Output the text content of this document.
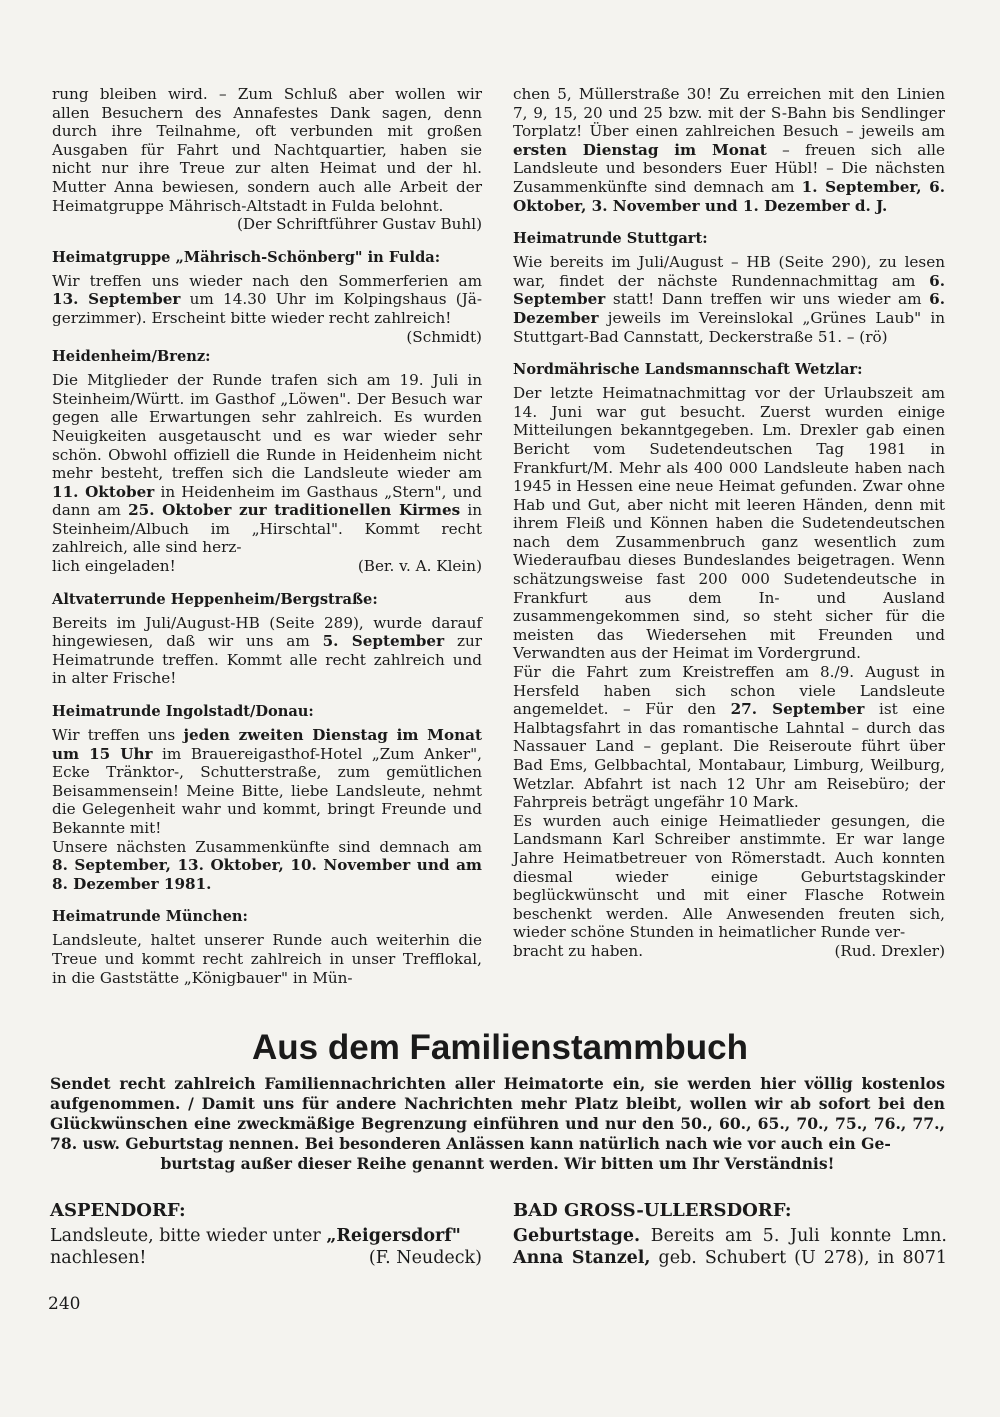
rung bleiben wird. – Zum Schluß aber wollen wir

allen Besuchern des Annafestes Dank sagen, denn

durch ihre Teilnahme, oft verbunden mit großen

Ausgaben für Fahrt und Nachtquartier, haben sie

nicht nur ihre Treue zur alten Heimat und der hl.

Mutter Anna bewiesen, sondern auch alle Arbeit der

Heimatgruppe Mährisch-Altstadt in Fulda belohnt.

(Der Schriftführer Gustav Buhl)

Heimatgruppe „Mährisch-Schönberg" in Fulda:

Wir treffen uns wieder nach den Sommerferien am

13. September um 14.30 Uhr im Kolpingshaus (Jä-

gerzimmer). Erscheint bitte wieder recht zahlreich!

(Schmidt)

Heidenheim/Brenz:

Die Mitglieder der Runde trafen sich am 19. Juli in Steinheim/Württ. im Gasthof „Löwen". Der Besuch war gegen alle Erwartungen sehr zahlreich. Es wurden Neuigkeiten ausgetauscht und es war wieder sehr schön. Obwohl offiziell die Runde in Heidenheim nicht mehr besteht, treffen sich die Landsleute wieder am 11. Oktober in Heidenheim im Gasthaus „Stern", und dann am 25. Oktober zur traditionellen Kirmes in Steinheim/Albuch im „Hirschtal". Kommt recht zahlreich, alle sind herz-

lich eingeladen!	(Ber. v. A. Klein)
Altvaterrunde Heppenheim/Bergstraße:

Bereits im Juli/August-HB (Seite 289), wurde darauf hingewiesen, daß wir uns am 5. September zur Heimatrunde treffen. Kommt alle recht zahlreich und in alter Frische!

Heimatrunde Ingolstadt/Donau:

Wir treffen uns jeden zweiten Dienstag im Monat um 15 Uhr im Brauereigasthof-Hotel „Zum Anker", Ecke Tränktor-, Schutterstraße, zum gemütlichen Beisammensein! Meine Bitte, liebe Landsleute, nehmt die Gelegenheit wahr und kommt, bringt Freunde und Bekannte mit!

Unsere nächsten Zusammenkünfte sind demnach am 8. September, 13. Oktober, 10. November und am 8. Dezember 1981.

Heimatrunde München:

Landsleute, haltet unserer Runde auch weiterhin die Treue und kommt recht zahlreich in unser Trefflokal, in die Gaststätte „Königbauer" in Mün-

chen 5, Müllerstraße 30! Zu erreichen mit den Linien 7, 9, 15, 20 und 25 bzw. mit der S-Bahn bis Sendlinger Torplatz! Über einen zahlreichen Besuch – jeweils am ersten Dienstag im Monat – freuen sich alle Landsleute und besonders Euer Hübl! – Die nächsten Zusammenkünfte sind demnach am 1. September, 6. Oktober, 3. November und 1. Dezember d. J.

Heimatrunde Stuttgart:

Wie bereits im Juli/August – HB (Seite 290), zu lesen war, findet der nächste Rundennachmittag am 6. September statt! Dann treffen wir uns wieder am 6. Dezember jeweils im Vereinslokal „Grünes Laub" in Stuttgart-Bad Cannstatt, Deckerstraße 51. – (rö)

Nordmährische Landsmannschaft Wetzlar:

Der letzte Heimatnachmittag vor der Urlaubszeit am 14. Juni war gut besucht. Zuerst wurden einige Mitteilungen bekanntgegeben. Lm. Drexler gab einen Bericht vom Sudetendeutschen Tag 1981 in Frankfurt/M. Mehr als 400 000 Landsleute haben nach 1945 in Hessen eine neue Heimat gefunden. Zwar ohne Hab und Gut, aber nicht mit leeren Händen, denn mit ihrem Fleiß und Können haben die Sudetendeutschen nach dem Zusammenbruch ganz wesentlich zum Wiederaufbau dieses Bundeslandes beigetragen. Wenn schätzungsweise fast 200 000 Sudetendeutsche in Frankfurt aus dem In- und Ausland zusammengekommen sind, so steht sicher für die meisten das Wiedersehen mit Freunden und Verwandten aus der Heimat im Vordergrund.

Für die Fahrt zum Kreistreffen am 8./9. August in Hersfeld haben sich schon viele Landsleute angemeldet. – Für den 27. September ist eine Halbtagsfahrt in das romantische Lahntal – durch das Nassauer Land – geplant. Die Reiseroute führt über Bad Ems, Gelbbachtal, Montabaur, Limburg, Weilburg, Wetzlar. Abfahrt ist nach 12 Uhr am Reisebüro; der Fahrpreis beträgt ungefähr 10 Mark.

Es wurden auch einige Heimatlieder gesungen, die Landsmann Karl Schreiber anstimmte. Er war lange Jahre Heimatbetreuer von Römerstadt. Auch konnten diesmal wieder einige Geburtstagskinder beglückwünscht und mit einer Flasche Rotwein beschenkt werden. Alle Anwesenden freuten sich, wieder schöne Stunden in heimatlicher Runde ver-

bracht zu haben.	(Rud. Drexler)
Aus dem Familienstammbuch

Sendet recht zahlreich Familiennachrichten aller Heimatorte ein, sie werden hier völlig kostenlos aufgenommen. / Damit uns für andere Nachrichten mehr Platz bleibt, wollen wir ab sofort bei den Glückwünschen eine zweckmäßige Begrenzung einführen und nur den 50., 60., 65., 70., 75., 76., 77., 78. usw. Geburtstag nennen. Bei besonderen Anlässen kann natürlich nach wie vor auch ein Ge-

burtstag außer dieser Reihe genannt werden. Wir bitten um Ihr Verständnis!

ASPENDORF:

Landsleute, bitte wieder unter „Reigersdorf"

nachlesen!	(F. Neudeck)
BAD GROSS-ULLERSDORF:

Geburtstage. Bereits am 5. Juli konnte Lmn.

Anna Stanzel, geb. Schubert (U 278), in 8071

240
